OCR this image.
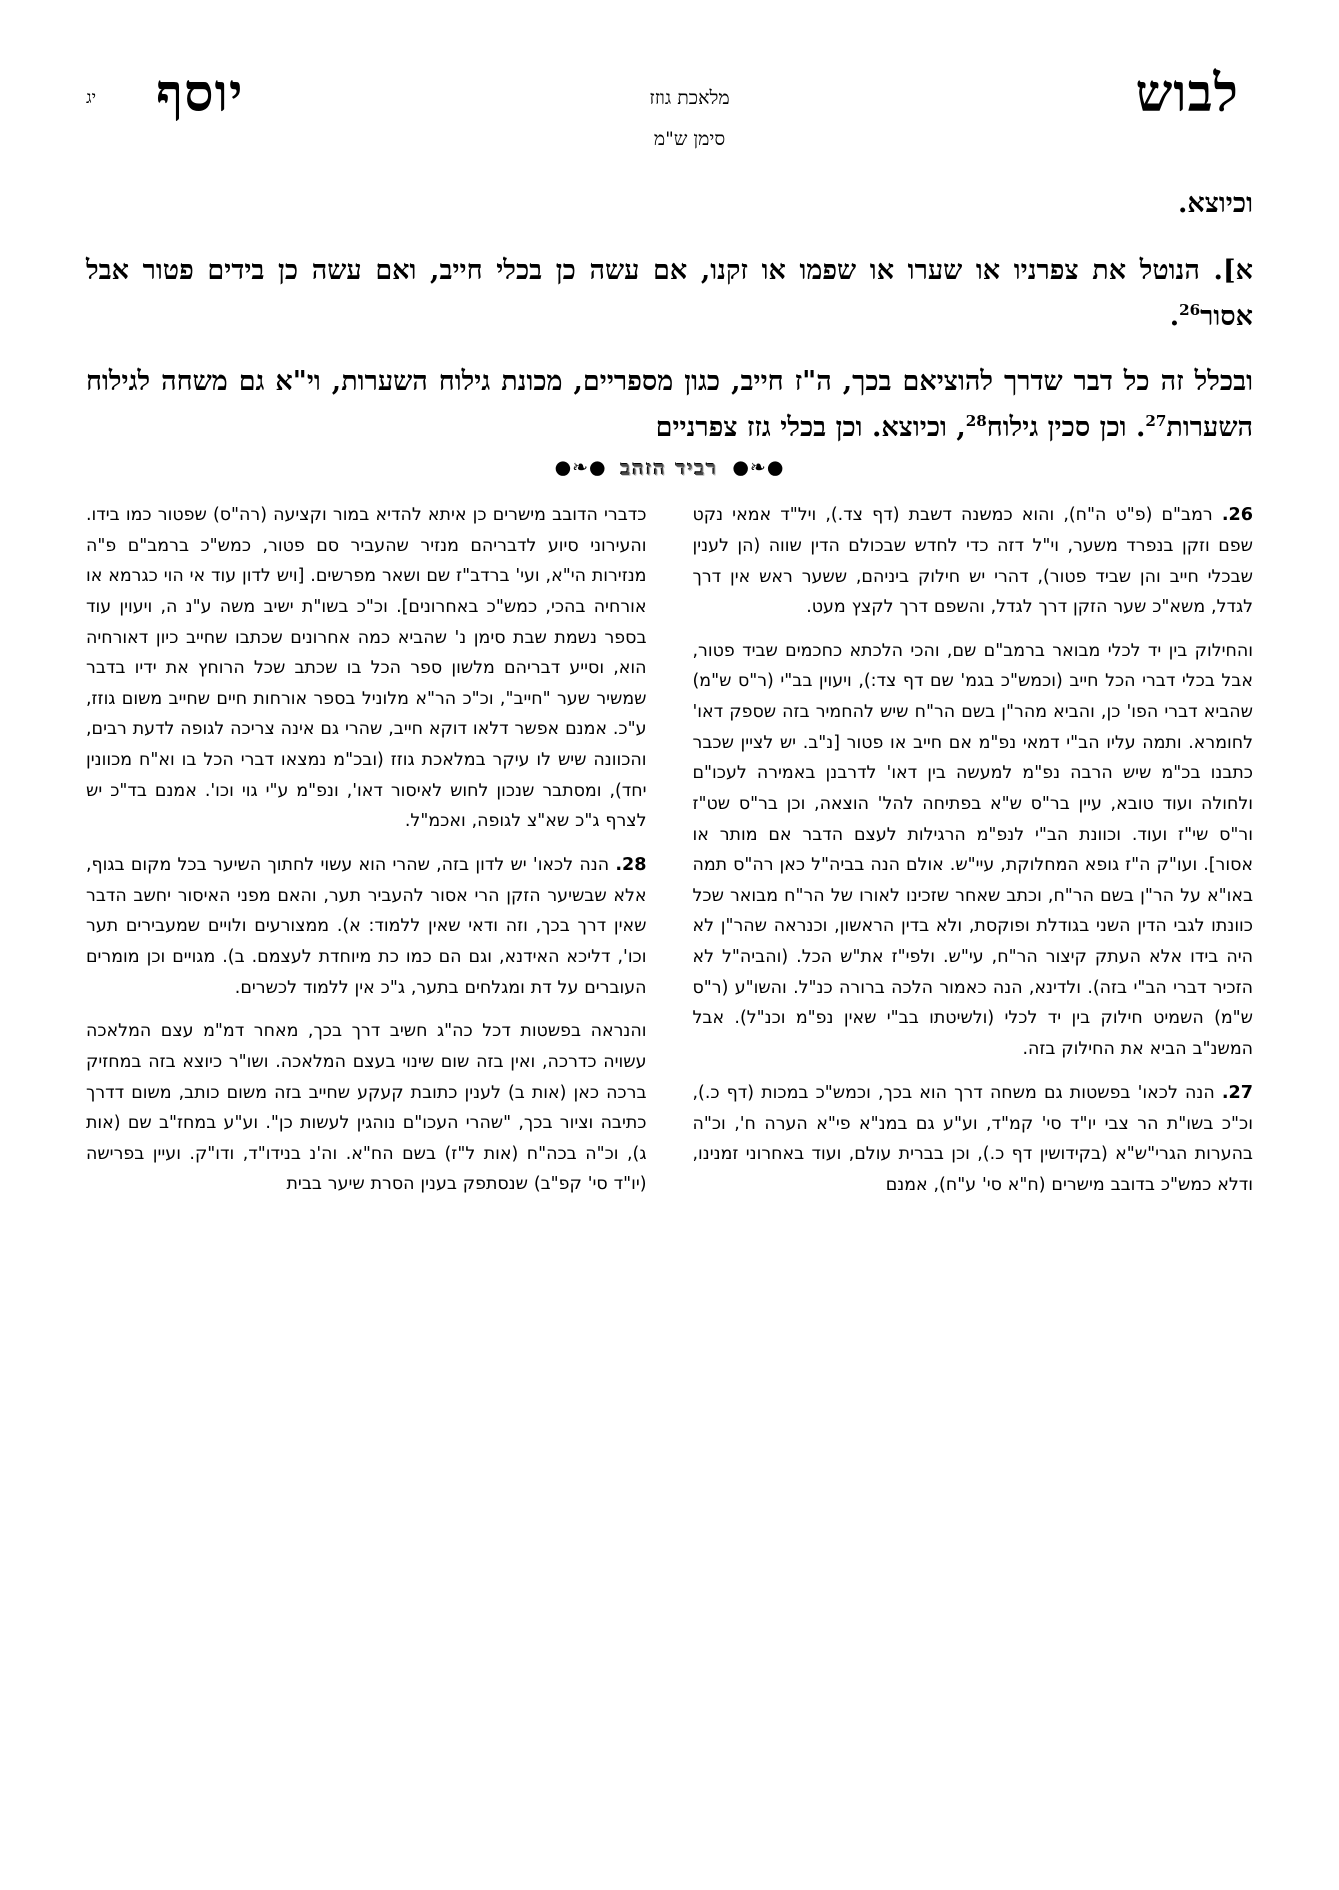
לבוש
מלאכת גוזז
סימן ש"מ
יוסף
יג

וכיוצא.

א]. הנוטל את צפרניו או שערו או שפמו או זקנו, אם עשה כן בכלי חייב, ואם עשה כן בידים פטור אבל אסור$^{26}$.

ובכלל זה כל דבר שדרך להוציאם בכך, ה"ז חייב, כגון מספריים, מכונת גילוח השערות, וי"א גם משחה לגילוח השערות$^{27}$. וכן סכין גילוח$^{28}$, וכיוצא. וכן בכלי גזז צפרניים

●❧● רביד הזהב ●❧●

26. רמב"ם (פ"ט ה"ח), והוא כמשנה דשבת (דף צד.), ויל"ד אמאי נקט שפם וזקן בנפרד משער, וי"ל דזה כדי לחדש שבכולם הדין שווה (הן לענין שבכלי חייב והן שביד פטור), דהרי יש חילוק ביניהם, ששער ראש אין דרך לגדל, משא"כ שער הזקן דרך לגדל, והשפם דרך לקצץ מעט.

והחילוק בין יד לכלי מבואר ברמב"ם שם, והכי הלכתא כחכמים שביד פטור, אבל בכלי דברי הכל חייב (וכמש"כ בגמ' שם דף צד:), ויעוין בב"י (ר"ס ש"מ) שהביא דברי הפו' כן, והביא מהר"ן בשם הר"ח שיש להחמיר בזה שספק דאו' לחומרא. ותמה עליו הב"י דמאי נפ"מ אם חייב או פטור [נ"ב. יש לציין שכבר כתבנו בכ"מ שיש הרבה נפ"מ למעשה בין דאו' לדרבנן באמירה לעכו"ם ולחולה ועוד טובא, עיין בר"ס ש"א בפתיחה להל' הוצאה, וכן בר"ס שט"ז ור"ס שי"ז ועוד. וכוונת הב"י לנפ"מ הרגילות לעצם הדבר אם מותר או אסור]. ועו"ק ה"ז גופא המחלוקת, עיי"ש. אולם הנה בביה"ל כאן רה"ס תמה באו"א על הר"ן בשם הר"ח, וכתב שאחר שזכינו לאורו של הר"ח מבואר שכל כוונתו לגבי הדין השני בגודלת ופוקסת, ולא בדין הראשון, וכנראה שהר"ן לא היה בידו אלא העתק קיצור הר"ח, עי"ש. ולפי"ז את"ש הכל. (והביה"ל לא הזכיר דברי הב"י בזה). ולדינא, הנה כאמור הלכה ברורה כנ"ל. והשו"ע (ר"ס ש"מ) השמיט חילוק בין יד לכלי (ולשיטתו בב"י שאין נפ"מ וכנ"ל). אבל המשנ"ב הביא את החילוק בזה.

27. הנה לכאו' בפשטות גם משחה דרך הוא בכך, וכמש"כ במכות (דף כ.), וכ"כ בשו"ת הר צבי יו"ד סי' קמ"ד, וע"ע גם במנ"א פי"א הערה ח', וכ"ה בהערות הגרי"ש"א (בקידושין דף כ.), וכן בברית עולם, ועוד באחרוני זמנינו, ודלא כמש"כ בדובב מישרים (ח"א סי' ע"ח), אמנם

כדברי הדובב מישרים כן איתא להדיא במור וקציעה (רה"ס) שפטור כמו בידו. והעירוני סיוע לדבריהם מנזיר שהעביר סם פטור, כמש"כ ברמב"ם פ"ה מנזירות הי"א, ועי' ברדב"ז שם ושאר מפרשים. [ויש לדון עוד אי הוי כגרמא או אורחיה בהכי, כמש"כ באחרונים]. וכ"כ בשו"ת ישיב משה ע"נ ה, ויעוין עוד בספר נשמת שבת סימן נ' שהביא כמה אחרונים שכתבו שחייב כיון דאורחיה הוא, וסייע דבריהם מלשון ספר הכל בו שכתב שכל הרוחץ את ידיו בדבר שמשיר שער "חייב", וכ"כ הר"א מלוניל בספר אורחות חיים שחייב משום גוזז, ע"כ. אמנם אפשר דלאו דוקא חייב, שהרי גם אינה צריכה לגופה לדעת רבים, והכוונה שיש לו עיקר במלאכת גוזז (ובכ"מ נמצאו דברי הכל בו וא"ח מכוונין יחד), ומסתבר שנכון לחוש לאיסור דאו', ונפ"מ ע"י גוי וכו'. אמנם בד"כ יש לצרף ג"כ שא"צ לגופה, ואכמ"ל.

28. הנה לכאו' יש לדון בזה, שהרי הוא עשוי לחתוך השיער בכל מקום בגוף, אלא שבשיער הזקן הרי אסור להעביר תער, והאם מפני האיסור יחשב הדבר שאין דרך בכך, וזה ודאי שאין ללמוד: א). ממצורעים ולויים שמעבירים תער וכו', דליכא האידנא, וגם הם כמו כת מיוחדת לעצמם. ב). מגויים וכן מומרים העוברים על דת ומגלחים בתער, ג"כ אין ללמוד לכשרים.

והנראה בפשטות דכל כה"ג חשיב דרך בכך, מאחר דמ"מ עצם המלאכה עשויה כדרכה, ואין בזה שום שינוי בעצם המלאכה. ושו"ר כיוצא בזה במחזיק ברכה כאן (אות ב) לענין כתובת קעקע שחייב בזה משום כותב, משום דדרך כתיבה וציור בכך, "שהרי העכו"ם נוהגין לעשות כן". וע"ע במחז"ב שם (אות ג), וכ"ה בכה"ח (אות ל"ז) בשם הח"א. וה'נ בנידו"ד, ודו"ק. ועיין בפרישה (יו"ד סי' קפ"ב) שנסתפק בענין הסרת שיער בבית
